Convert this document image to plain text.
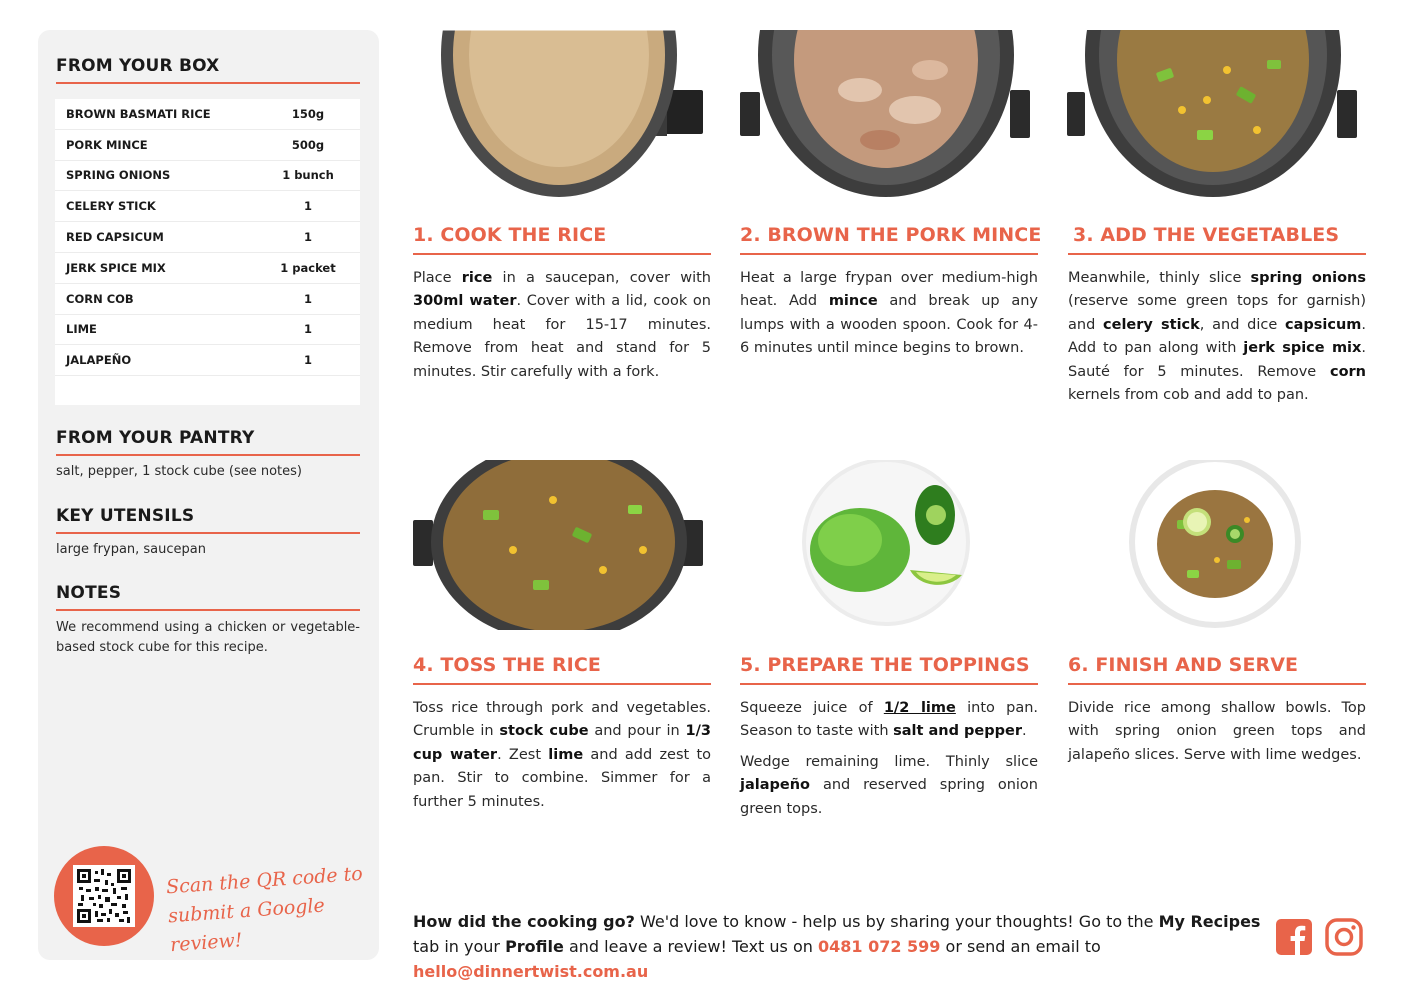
FROM YOUR BOX
BROWN BASMATI RICE	150g
PORK MINCE	500g
SPRING ONIONS	1 bunch
CELERY STICK	1
RED CAPSICUM	1
JERK SPICE MIX	1 packet
CORN COB	1
LIME	1
JALAPEÑO	1
FROM YOUR PANTRY
salt, pepper, 1 stock cube (see notes)
KEY UTENSILS
large frypan, saucepan
NOTES
We recommend using a chicken or vegetable-based stock cube for this recipe.
Scan the QR code to
submit a Google review!
1. COOK THE RICE
Place rice in a saucepan, cover with 300ml water. Cover with a lid, cook on medium heat for 15-17 minutes. Remove from heat and stand for 5 minutes. Stir carefully with a fork.
2. BROWN THE PORK MINCE
Heat a large frypan over medium-high heat. Add mince and break up any lumps with a wooden spoon. Cook for 4-6 minutes until mince begins to brown.
3. ADD THE VEGETABLES
Meanwhile, thinly slice spring onions (reserve some green tops for garnish) and celery stick, and dice capsicum. Add to pan along with jerk spice mix. Sauté for 5 minutes. Remove corn kernels from cob and add to pan.
4. TOSS THE RICE
Toss rice through pork and vegetables. Crumble in stock cube and pour in 1/3 cup water. Zest lime and add zest to pan. Stir to combine. Simmer for a further 5 minutes.
5. PREPARE THE TOPPINGS
Squeeze juice of 1/2 lime into pan. Season to taste with salt and pepper.
Wedge remaining lime. Thinly slice jalapeño and reserved spring onion green tops.
6. FINISH AND SERVE
Divide rice among shallow bowls. Top with spring onion green tops and jalapeño slices. Serve with lime wedges.
How did the cooking go? We'd love to know - help us by sharing your thoughts! Go to the My Recipes tab in your Profile and leave a review! Text us on 0481 072 599 or send an email to hello@dinnertwist.com.au
